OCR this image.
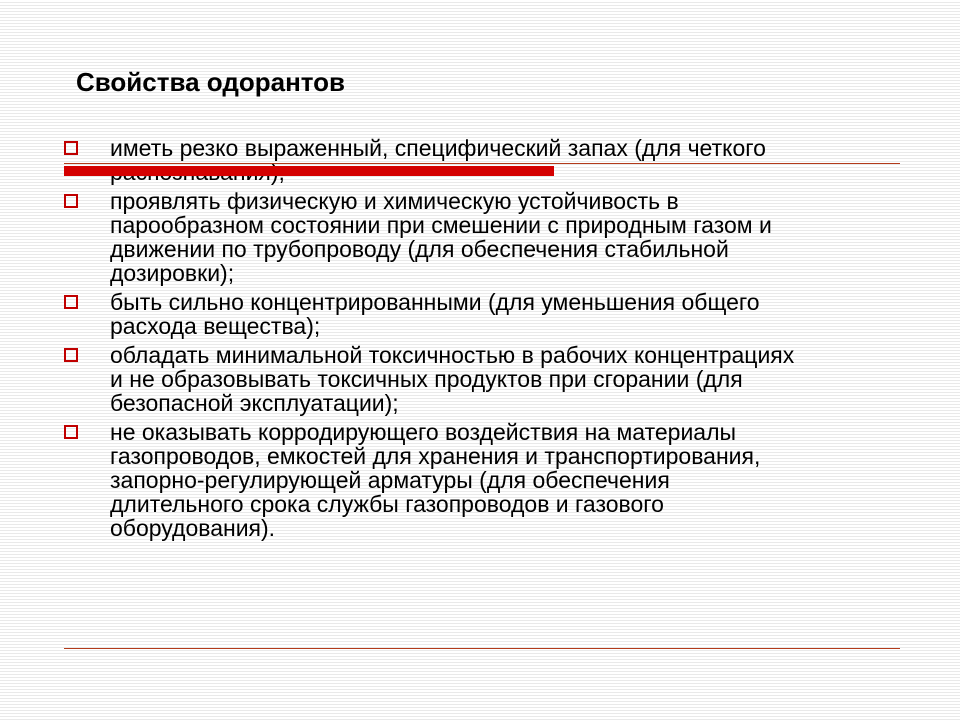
Свойства одорантов
иметь резко выраженный, специфический запах (для четкого
проявлять физическую и химическую устойчивость в
парообразном состоянии при смешении с природным газом и
движении по трубопроводу (для обеспечения стабильной
дозировки);
быть сильно концентрированными (для уменьшения общего
расхода вещества);
обладать минимальной токсичностью в рабочих концентрациях
и не образовывать токсичных продуктов при сгорании (для
безопасной эксплуатации);
не оказывать корродирующего воздействия на материалы
газопроводов, емкостей для хранения и транспортирования,
запорно-регулирующей арматуры (для обеспечения
длительного срока службы газопроводов и газового
оборудования).
